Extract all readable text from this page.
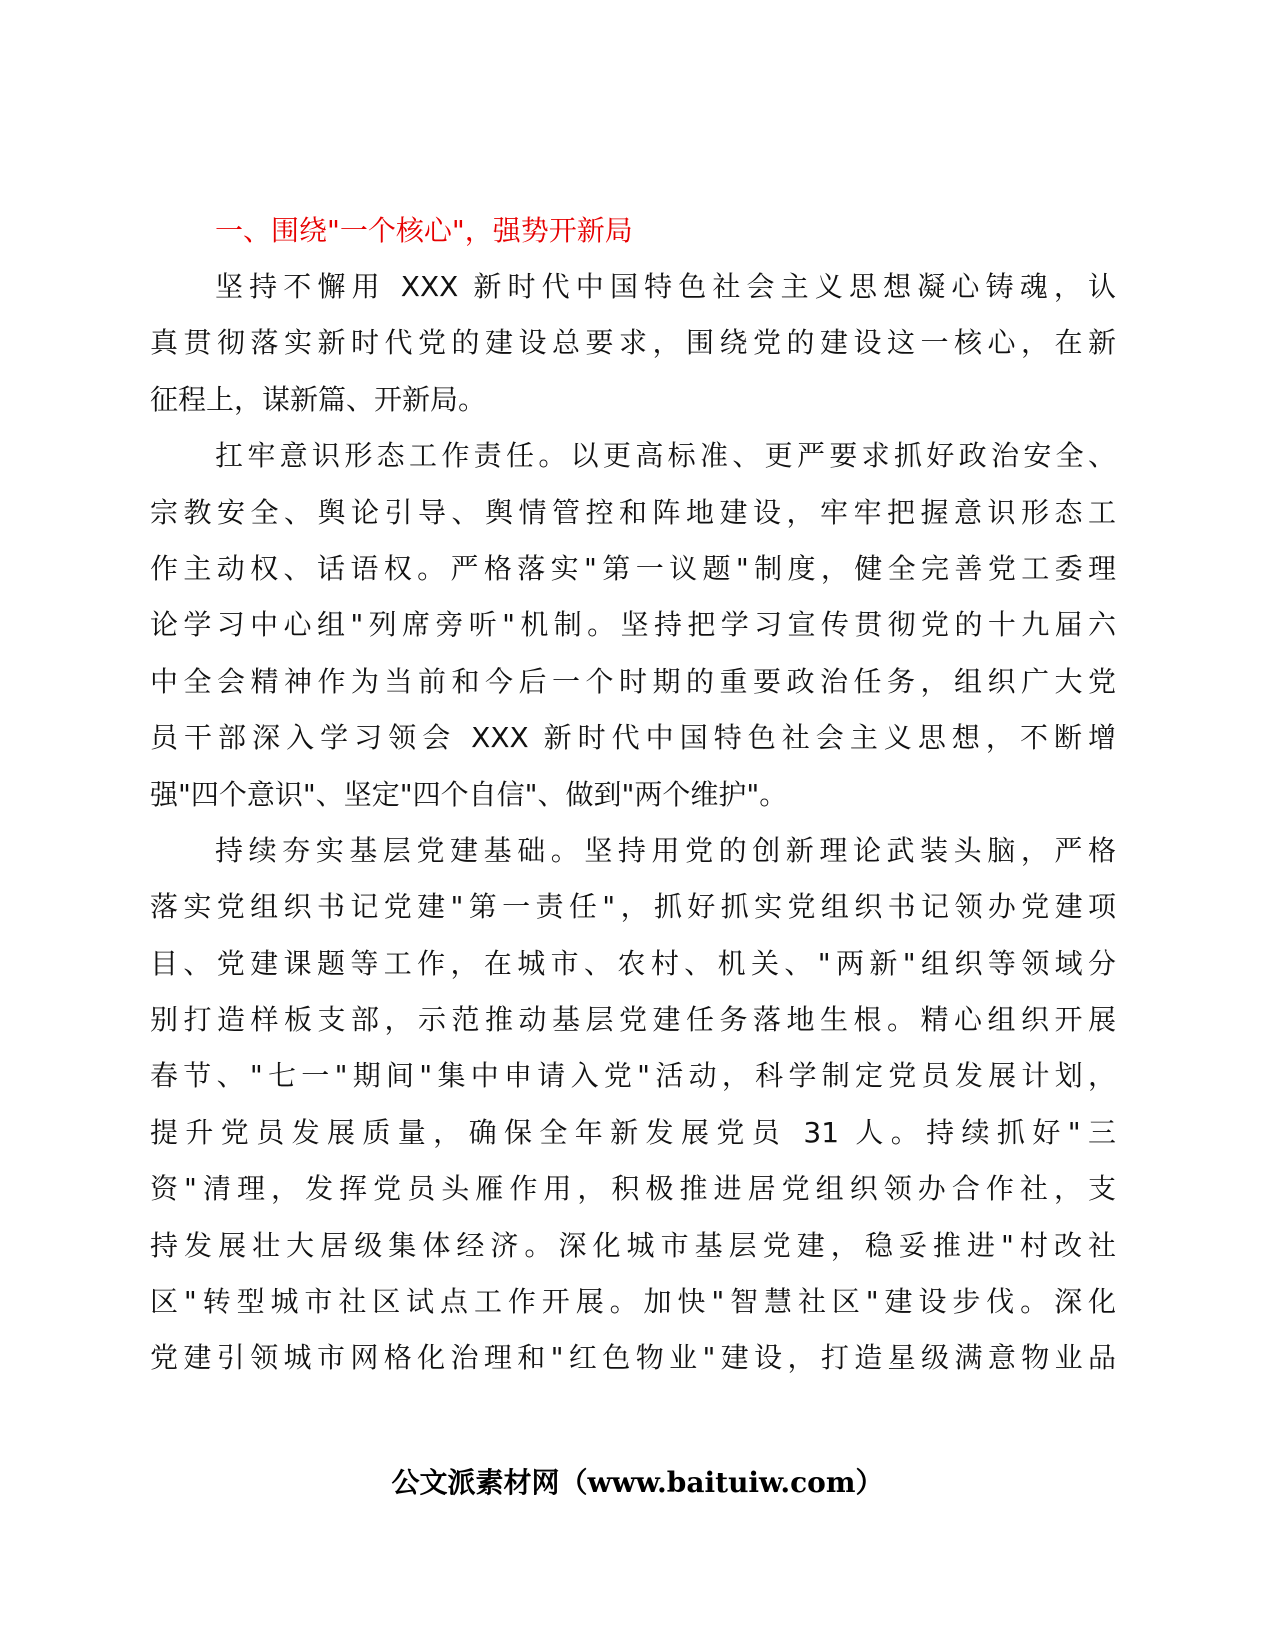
一、围绕"一个核心"，强势开新局

坚持不懈用 XXX 新时代中国特色社会主义思想凝心铸魂，认
真贯彻落实新时代党的建设总要求，围绕党的建设这一核心，在新
征程上，谋新篇、开新局。

扛牢意识形态工作责任。以更高标准、更严要求抓好政治安全、
宗教安全、舆论引导、舆情管控和阵地建设，牢牢把握意识形态工
作主动权、话语权。严格落实"第一议题"制度，健全完善党工委理
论学习中心组"列席旁听"机制。坚持把学习宣传贯彻党的十九届六
中全会精神作为当前和今后一个时期的重要政治任务，组织广大党
员干部深入学习领会 XXX 新时代中国特色社会主义思想，不断增
强"四个意识"、坚定"四个自信"、做到"两个维护"。

持续夯实基层党建基础。坚持用党的创新理论武装头脑，严格
落实党组织书记党建"第一责任"，抓好抓实党组织书记领办党建项
目、党建课题等工作，在城市、农村、机关、"两新"组织等领域分
别打造样板支部，示范推动基层党建任务落地生根。精心组织开展
春节、"七一"期间"集中申请入党"活动，科学制定党员发展计划，
提升党员发展质量，确保全年新发展党员 31 人。持续抓好"三
资"清理，发挥党员头雁作用，积极推进居党组织领办合作社，支
持发展壮大居级集体经济。深化城市基层党建，稳妥推进"村改社
区"转型城市社区试点工作开展。加快"智慧社区"建设步伐。深化
党建引领城市网格化治理和"红色物业"建设，打造星级满意物业品

公文派素材网（www.baituiw.com）
